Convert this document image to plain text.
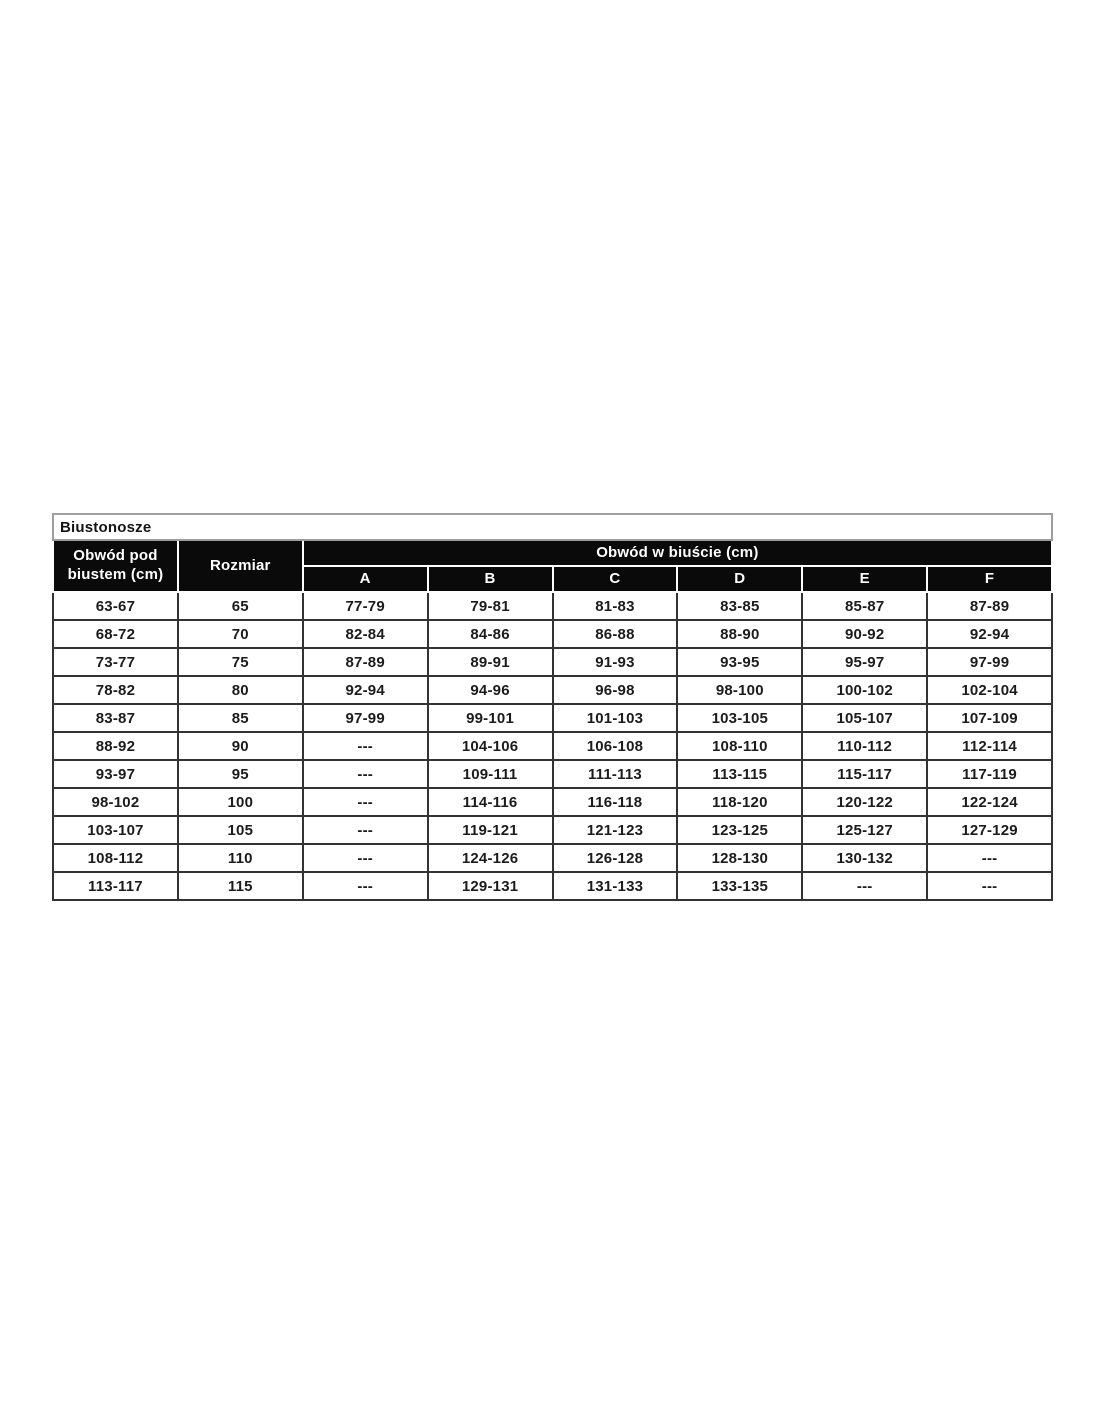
Biustonosze							
Obwód pod biustem (cm)	Rozmiar	Obwód w biuście (cm)					
		A	B	C	D	E	F
63-67	65	77-79	79-81	81-83	83-85	85-87	87-89
68-72	70	82-84	84-86	86-88	88-90	90-92	92-94
73-77	75	87-89	89-91	91-93	93-95	95-97	97-99
78-82	80	92-94	94-96	96-98	98-100	100-102	102-104
83-87	85	97-99	99-101	101-103	103-105	105-107	107-109
88-92	90	---	104-106	106-108	108-110	110-112	112-114
93-97	95	---	109-111	111-113	113-115	115-117	117-119
98-102	100	---	114-116	116-118	118-120	120-122	122-124
103-107	105	---	119-121	121-123	123-125	125-127	127-129
108-112	110	---	124-126	126-128	128-130	130-132	---
113-117	115	---	129-131	131-133	133-135	---	---
